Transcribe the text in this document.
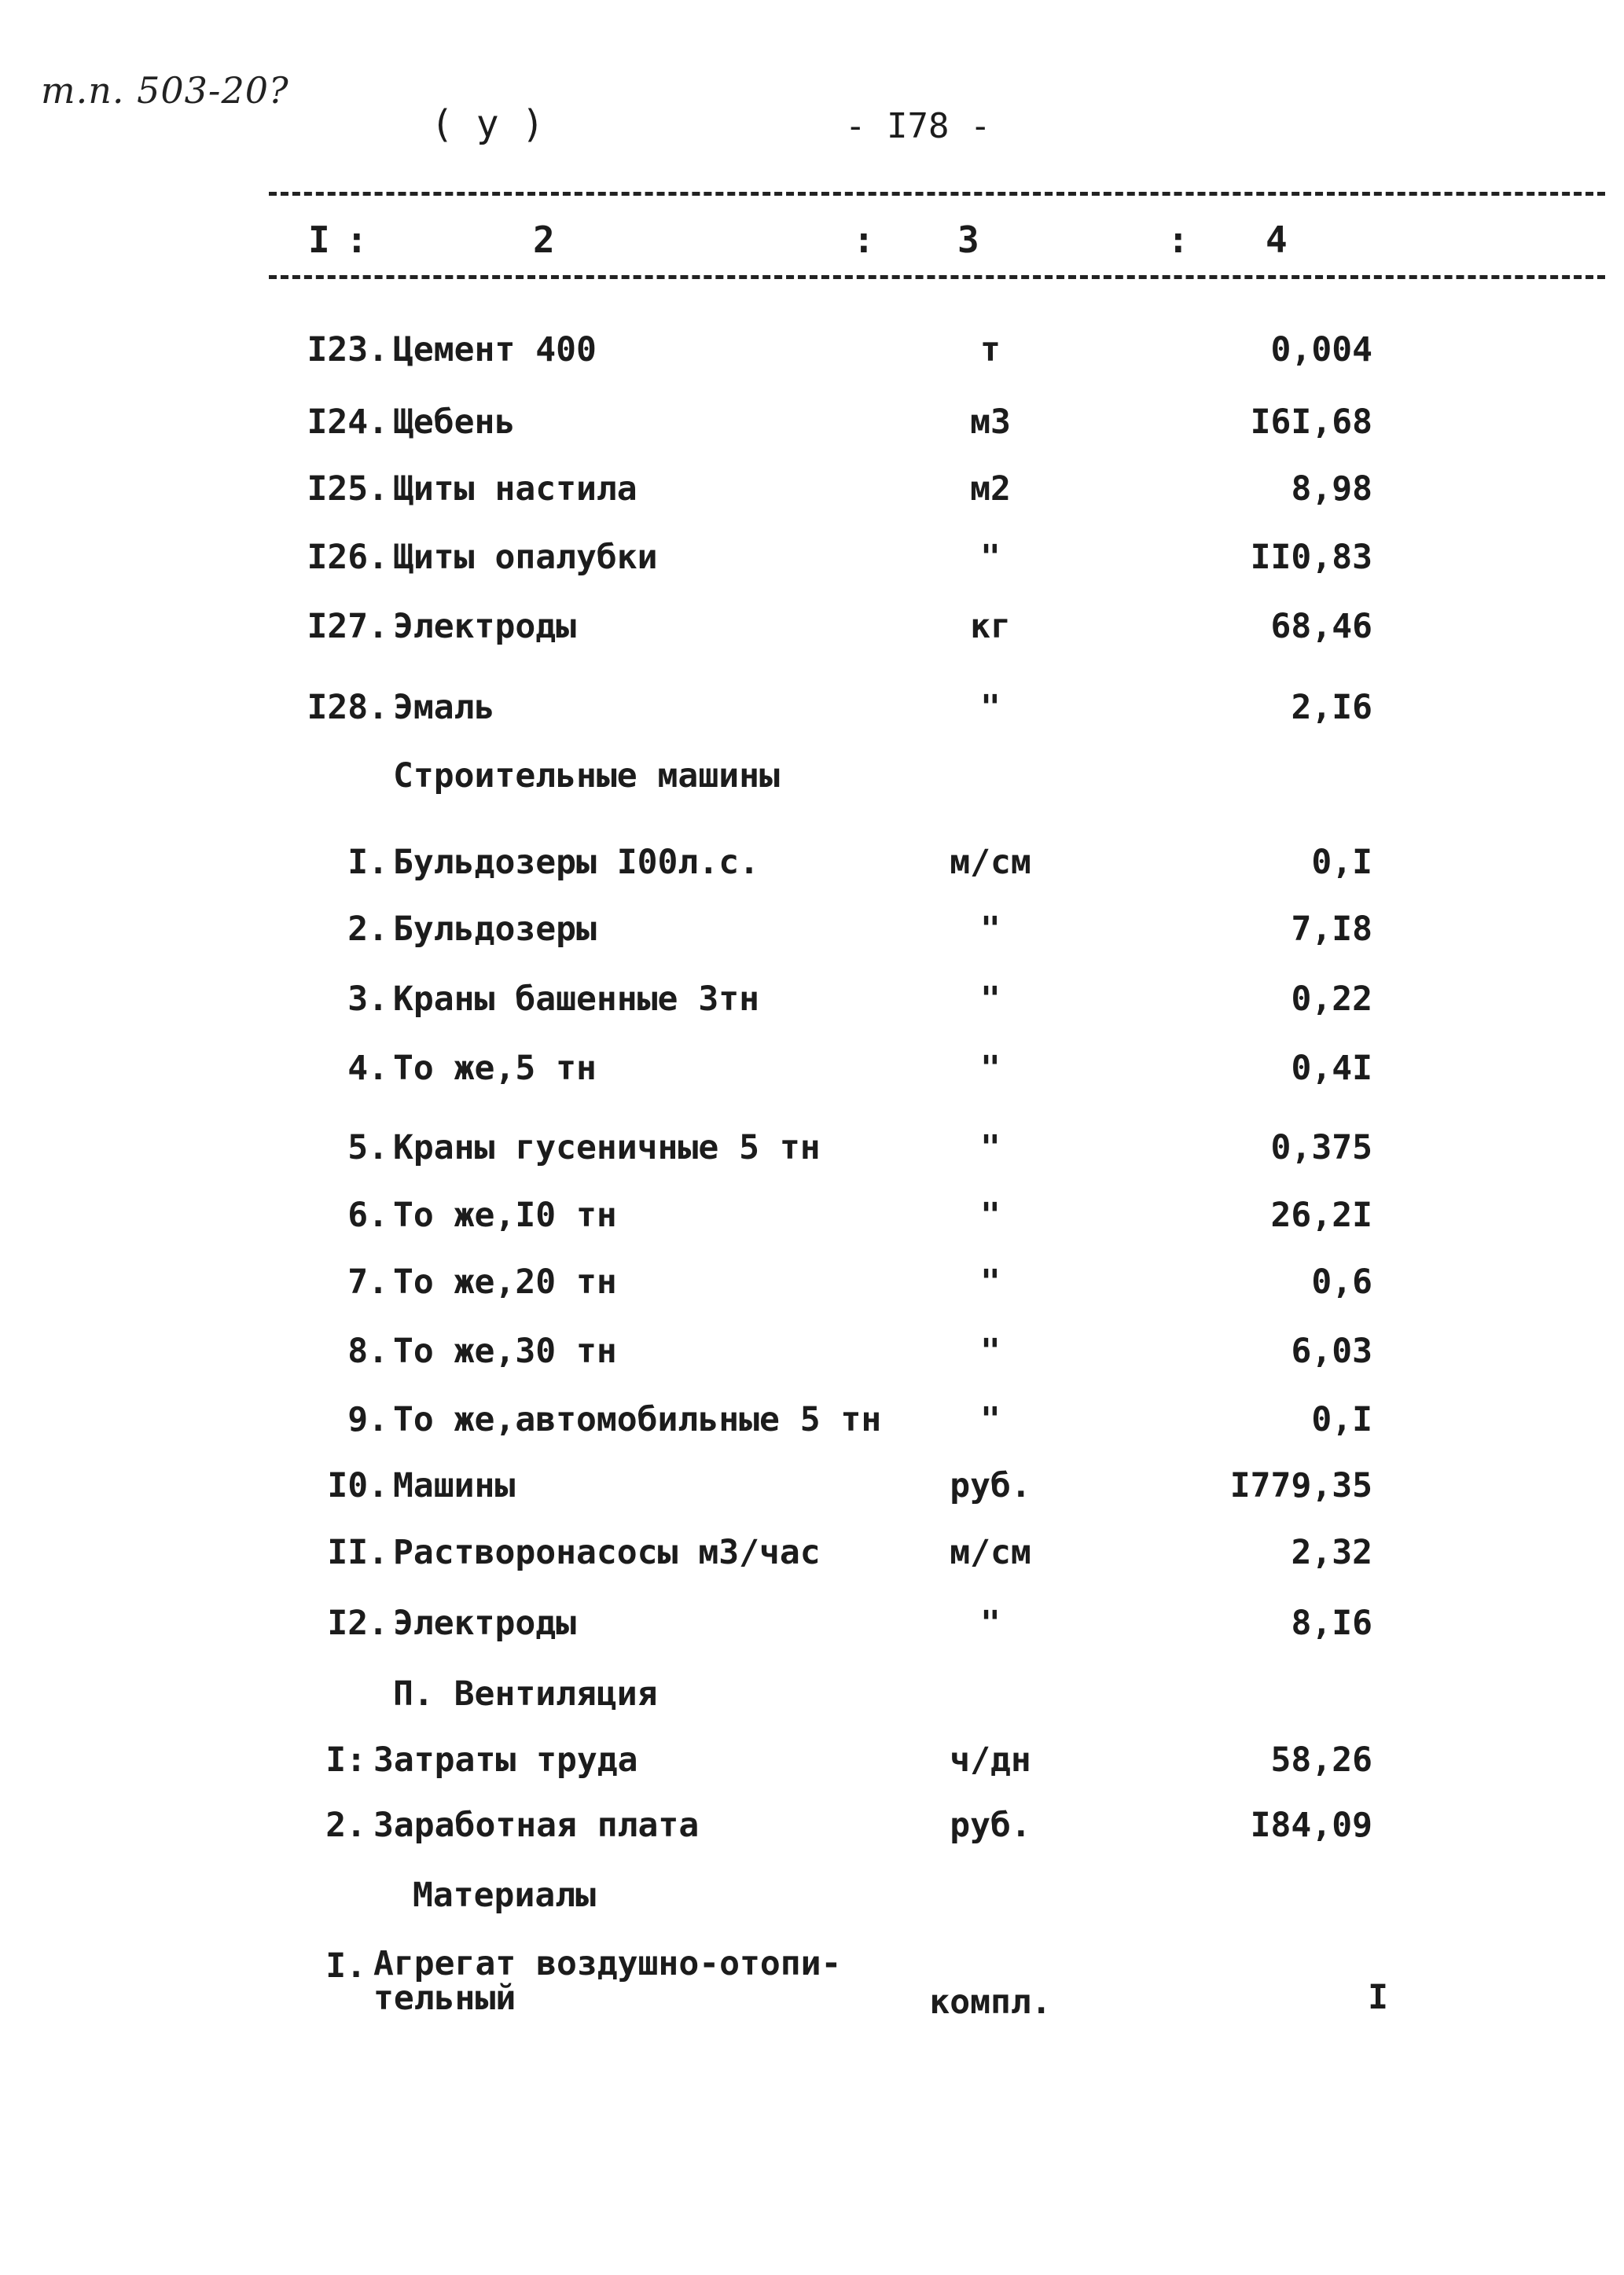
т.п. 503-20?
( у )	- I78 -
I :	2	: 3	: 4
I23. Цемент 400	т	0,004
I24. Щебень	м3	I6I,68
I25. Щиты настила	м2	8,98
I26. Щиты опалубки	"	II0,83
I27. Электроды	кг	68,46
I28. Эмаль	"	2,I6
Строительные машины
I. Бульдозеры I00л.с.	м/см	0,I
2. Бульдозеры	"	7,I8
3. Краны башенные 3тн	"	0,22
4. То же,5 тн	"	0,4I
5. Краны гусеничные 5 тн	"	0,375
6. То же,I0 тн	"	26,2I
7. То же,20 тн	"	0,6
8. То же,30 тн	"	6,03
9. То же,автомобильные 5 тн	"	0,I
I0. Машины	руб.	I779,35
II. Растворонасосы м3/час	м/см	2,32
I2. Электроды	"	8,I6
П. Вентиляция
I: Затраты труда	ч/дн	58,26
2. Заработная плата	руб.	I84,09
Материалы
I. Агрегат воздушно-отопи-
тельный	компл.	I
